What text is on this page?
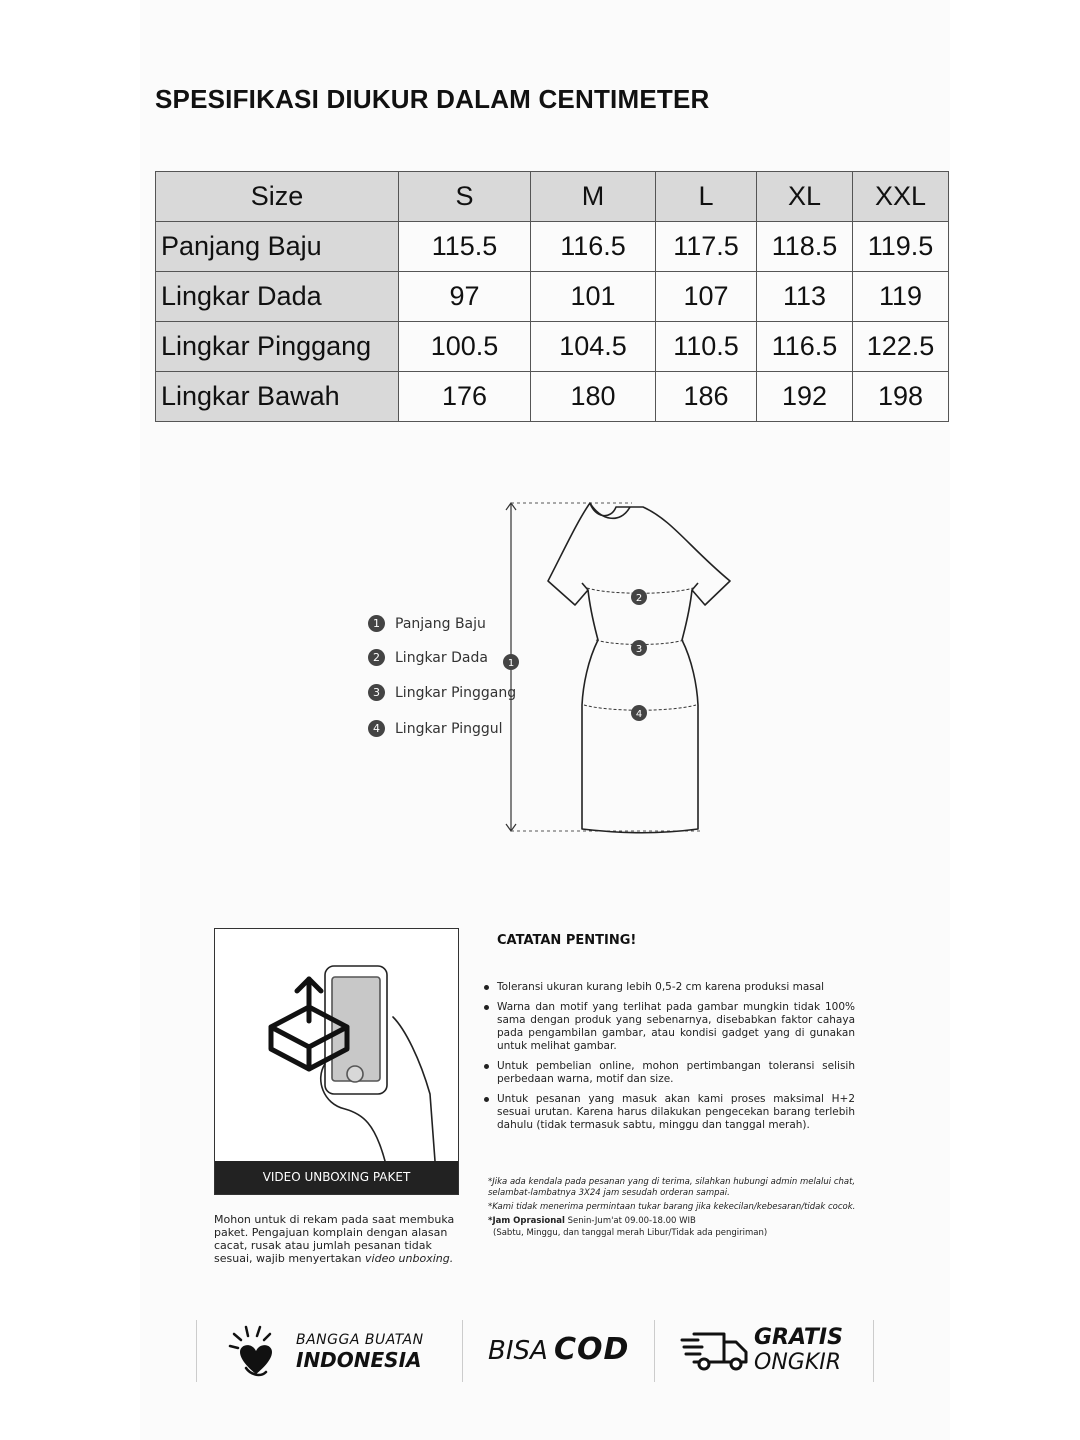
SPESIFIKASI DIUKUR DALAM CENTIMETER
Size	S	M	L	XL	XXL
Panjang Baju	115.5	116.5	117.5	118.5	119.5
Lingkar Dada	97	101	107	113	119
Lingkar Pinggang	100.5	104.5	110.5	116.5	122.5
Lingkar Bawah	176	180	186	192	198
1	Panjang Baju
2	Lingkar Dada
3	Lingkar Pinggang
4	Lingkar Pinggul
1
2
3
4
VIDEO UNBOXING PAKET

Mohon untuk di rekam pada saat membuka paket. Pengajuan komplain dengan alasan cacat, rusak atau jumlah pesanan tidak sesuai, wajib menyertakan video unboxing.

CATATAN PENTING!
Toleransi ukuran kurang lebih 0,5-2 cm karena produksi masal
Warna dan motif yang terlihat pada gambar mungkin tidak 100% sama dengan produk yang sebenarnya, disebabkan faktor cahaya pada pengambilan gambar, atau kondisi gadget yang di gunakan untuk melihat gambar.
Untuk pembelian online, mohon pertimbangan toleransi selisih perbedaan warna, motif dan size.
Untuk pesanan yang masuk akan kami proses maksimal H+2 sesuai urutan. Karena harus dilakukan pengecekan barang terlebih dahulu (tidak termasuk sabtu, minggu dan tanggal merah).

*Jika ada kendala pada pesanan yang di terima, silahkan hubungi admin melalui chat, selambat-lambatnya 3X24 jam sesudah orderan sampai.

*Kami tidak menerima permintaan tukar barang jika kekecilan/kebesaran/tidak cocok.

*Jam Oprasional Senin-Jum'at 09.00-18.00 WIB

(Sabtu, Minggu, dan tanggal merah Libur/Tidak ada pengiriman)

BANGGA BUATAN
INDONESIA	BISA COD	GRATIS
ONGKIR
